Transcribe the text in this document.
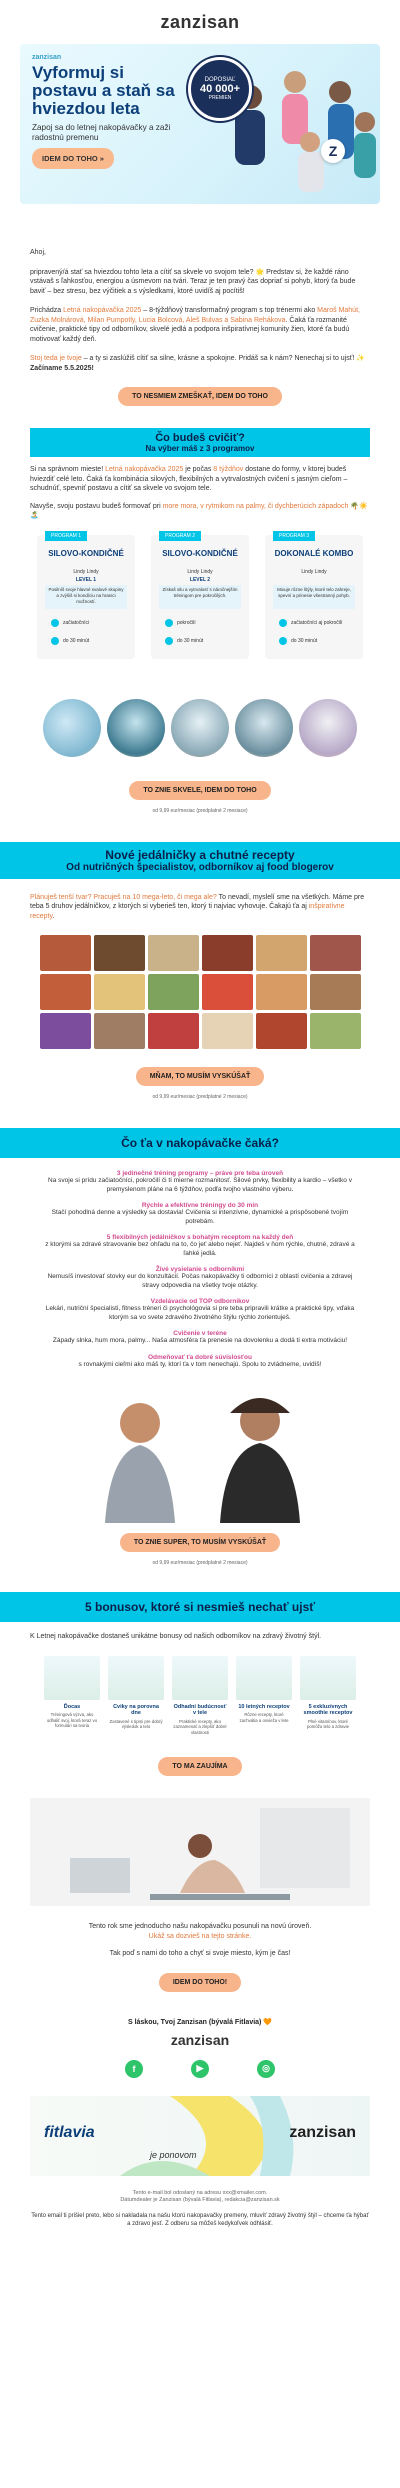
zanzisan
zanzisan
Vyformuj si postavu a staň sa hviezdou leta
Zapoj sa do letnej nakopávačky a zaži radostnú premenu
IDEM DO TOHO »
DOPOSIAĽ
40 000+
PREMIEN
Z

Ahoj,

pripravený/á stať sa hviezdou tohto leta a cítiť sa skvele vo svojom tele? 🌟 Predstav si, že každé ráno vstávaš s ľahkosťou, energiou a úsmevom na tvári. Teraz je ten pravý čas dopriať si pohyb, ktorý ťa bude baviť – bez stresu, bez výčitiek a s výsledkami, ktoré uvidíš aj pocítiš!

Prichádza Letná nakopávačka 2025 – 8-týždňový transformačný program s top trénermi ako Maroš Mahút, Zuzka Molnárová, Milan Pumpotly, Lucia Bolcová, Aleš Bulvas a Sabina Rehákova. Čaká ťa rozmanité cvičenie, praktické tipy od odborníkov, skvelé jedlá a podpora inšpiratívnej komunity žien, ktoré ťa budú motivovať každý deň.

Stoj teda je tvoje – a ty si zaslúžiš cítiť sa silne, krásne a spokojne. Pridáš sa k nám? Nenechaj si to ujsť! ✨ Začíname 5.5.2025!

TO NESMIEM ZMEŠKAŤ, IDEM DO TOHO
Čo budeš cvičiť?
Na výber máš z 3 programov

Si na správnom mieste! Letná nakopávačka 2025 je počas 8 týždňov dostane do formy, v ktorej budeš hviezdiť celé leto. Čaká ťa kombinácia silových, flexibilných a vytrvalostných cvičení s jasným cieľom – schudnúť, spevniť postavu a cítiť sa skvele vo svojom tele.

Navyše, svoju postavu budeš formovať pri more mora, v rytmikom na palmy, či dychberúcich západoch 🌴☀️🏝️

PROGRAM 1
SILOVO-KONDIČNÉ
Lindy Lindy
LEVEL 1
Posilníš svoje hlavné svalové skupiny a zvýšiš si kondíciu na hranici možností.
začiatočníci
do 30 minút
PROGRAM 2
SILOVO-KONDIČNÉ
Lindy Lindy
LEVEL 2
Získaš silu a vytrvalosť s náročnejším tréningom pre pokročilých.
pokročilí
do 30 minút
PROGRAM 3
DOKONALÉ KOMBO
Lindy Lindy
Mixuje rôzne štýly, ktoré telo zahreje, spevní a prinesie všestranný pohyb.
začiatočníci aj pokročilí
do 30 minút
TO ZNIE SKVELE, IDEM DO TOHO
od 9,99 eur/mesiac (predplatné 2 mesiace)
Nové jedálničky a chutné recepty
Od nutričných špecialistov, odborníkov aj food blogerov

Plánuješ tenší tvar? Pracuješ na 10 mega-leto, či mega ale? To nevadí, myslelí sme na všetkých. Máme pre teba 5 druhov jedálničkov, z ktorých si vyberieš ten, ktorý ti najviac vyhovuje. Čakajú ťa aj inšpiratívne recepty.

MŇAM, TO MUSÍM VYSKÚŠAŤ
od 9,99 eur/mesiac (predplatné 2 mesiace)
Čo ťa v nakopávačke čaká?
3 jedinečné tréning programy – práve pre teba úroveň
Na svoje si prídu začiatočníci, pokročilí či tí mierne rozmanitosť. Silové prvky, flexibility a kardio – všetko v premyslenom pláne na 6 týždňov, podľa tvojho vlastného výberu.
Rýchle a efektívne tréningy do 30 min
Stačí pohodlná denne a výsledky sa dostavia! Cvičenia si intenzívne, dynamické a prispôsobené tvojím potrebám.
5 flexibilných jedálničkov s bohatým receptom na každý deň
z ktorými sa zdravé stravovanie bez ohľadu na to, čo jeť alebo nejeť. Najdeš v ňom rýchle, chutné, zdravé a ľahké jedlá.
Živé vysielanie s odborníkmi
Nemusíš investovať stovky eur do konzultácií. Počas nakopávačky ti odborníci z oblastí cvičenia a zdravej stravy odpovedia na všetky tvoje otázky.
Vzdelávacie od TOP odborníkov
Lekári, nutriční špecialisti, fitness tréneri či psychológovia si pre teba pripravili krátke a praktické tipy, vďaka ktorým sa vo svete zdravého životného štýlu rýchlo zorientuješ.
Cvičenie v teréne
Západy slnka, hum mora, palmy... Naša atmosféra ťa prenesie na dovolenku a dodá ti extra motiváciu!
Odmeňovať ťa dobré súvislosťou
s rovnakými cieľmi ako máš ty, ktorí ťa v tom nenechajú. Spolu to zvládneme, uvidíš!
TO ZNIE SUPER, TO MUSÍM VYSKÚŠAŤ
od 9,99 eur/mesiac (predplatné 2 mesiace)
5 bonusov, ktoré si nesmieš nechať ujsť

K Letnej nakopávačke dostaneš unikátne bonusy od našich odborníkov na zdravý životný štýl.

Ďocas
Tréningová výzva, ako odhaliť svoj, ktorá teraz vo formulári sa tvoria
Cviky na porovna dne
Zostavené s tipmi pre dobrý výsledok a telo
Odhadni budúcnosť v tele
Praktické recepty, ako zaznamenať a zlepšiť dobré vlastnosti
10 letných receptov
Rôzne recepty, ktoré zachvátia a osvieža v lete
5 exkluzívnych smoothie receptov
Plné vitamínov, ktoré pomôžu telo a zdravie
TO MA ZAUJÍMA

Tento rok sme jednoducho našu nakopávačku posunuli na novú úroveň.

Ukáž sa dozvieš na tejto stránke.

Tak poď s nami do toho a chyť si svoje miesto, kým je čas!

IDEM DO TOHO!
S láskou, Tvoj Zanzisan (bývalá Fitlavia) 🧡
zanzisan
f	▶	◎
fitlavia
je ponovom
zanzisan

Tento e-mail bol odoslaný na adresu xxx@xmailer.com.

Dátumdealer je Zanzisan (bývalá Fitlavia), redakcia@zanzisan.sk

Tento email ti prišiel preto, lebo si nakladala na našu ktorú nakopavačky premeny, mluvíť zdravý životný štýl – chceme ťa hýbať a zdravo jesť. Z odberu sa môžeš kedykoľvek odhlásiť.
